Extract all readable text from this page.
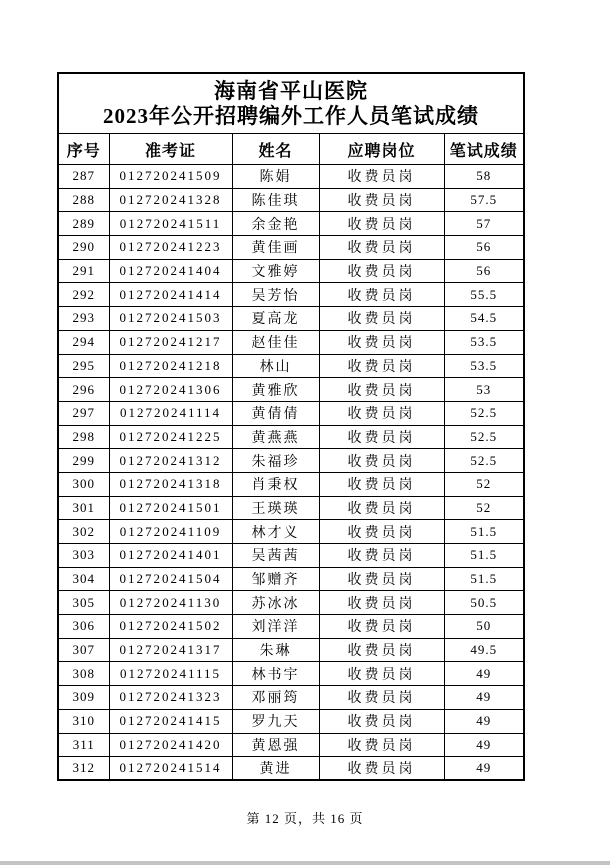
海南省平山医院
2023年公开招聘编外工作人员笔试成绩				

序号	准考证	姓名	应聘岗位	笔试成绩
287	012720241509	陈娟	收费员岗	58
288	012720241328	陈佳琪	收费员岗	57.5
289	012720241511	余金艳	收费员岗	57
290	012720241223	黄佳画	收费员岗	56
291	012720241404	文雅婷	收费员岗	56
292	012720241414	吴芳怡	收费员岗	55.5
293	012720241503	夏高龙	收费员岗	54.5
294	012720241217	赵佳佳	收费员岗	53.5
295	012720241218	林山	收费员岗	53.5
296	012720241306	黄雅欣	收费员岗	53
297	012720241114	黄倩倩	收费员岗	52.5
298	012720241225	黄燕燕	收费员岗	52.5
299	012720241312	朱福珍	收费员岗	52.5
300	012720241318	肖秉权	收费员岗	52
301	012720241501	王瑛瑛	收费员岗	52
302	012720241109	林才义	收费员岗	51.5
303	012720241401	吴茜茜	收费员岗	51.5
304	012720241504	邹赠齐	收费员岗	51.5
305	012720241130	苏冰冰	收费员岗	50.5
306	012720241502	刘洋洋	收费员岗	50
307	012720241317	朱琳	收费员岗	49.5
308	012720241115	林书宇	收费员岗	49
309	012720241323	邓丽筠	收费员岗	49
310	012720241415	罗九天	收费员岗	49
311	012720241420	黄恩强	收费员岗	49
312	012720241514	黄进	收费员岗	49
第 12 页，共 16 页
